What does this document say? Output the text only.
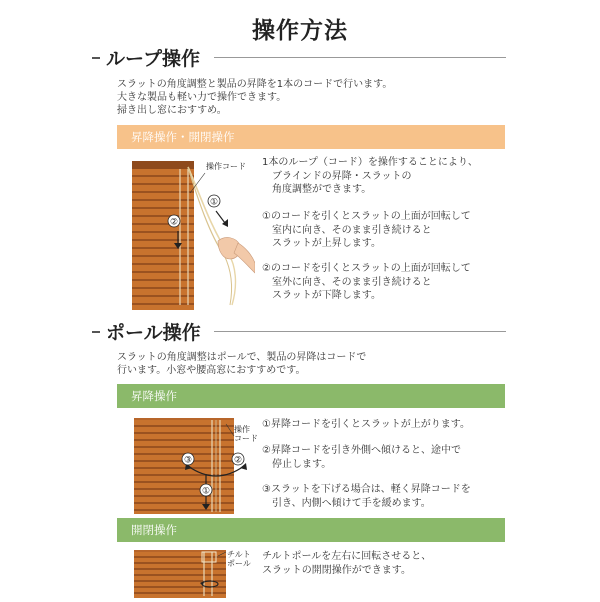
操作方法
ループ操作
スラットの角度調整と製品の昇降を1本のコードで行います。
大きな製品も軽い力で操作できます。
掃き出し窓におすすめ。
昇降操作・開閉操作
①
②
操作コード 1本のループ（コード）を操作することにより、
　ブラインドの昇降・スラットの
　角度調整ができます。
①のコードを引くとスラットの上面が回転して
　室内に向き、そのまま引き続けると
　スラットが上昇します。
②のコードを引くとスラットの上面が回転して
　室外に向き、そのまま引き続けると
　スラットが下降します。
ポール操作
スラットの角度調整はポールで、製品の昇降はコードで
行います。小窓や腰高窓におすすめです。
昇降操作
③	②
①
操作
コード
①昇降コードを引くとスラットが上がります。
②昇降コードを引き外側へ傾けると、途中で
　停止します。
③スラットを下げる場合は、軽く昇降コードを
　引き、内側へ傾けて手を緩めます。
開閉操作
チルト
ポール
チルトポールを左右に回転させると、
スラットの開閉操作ができます。
